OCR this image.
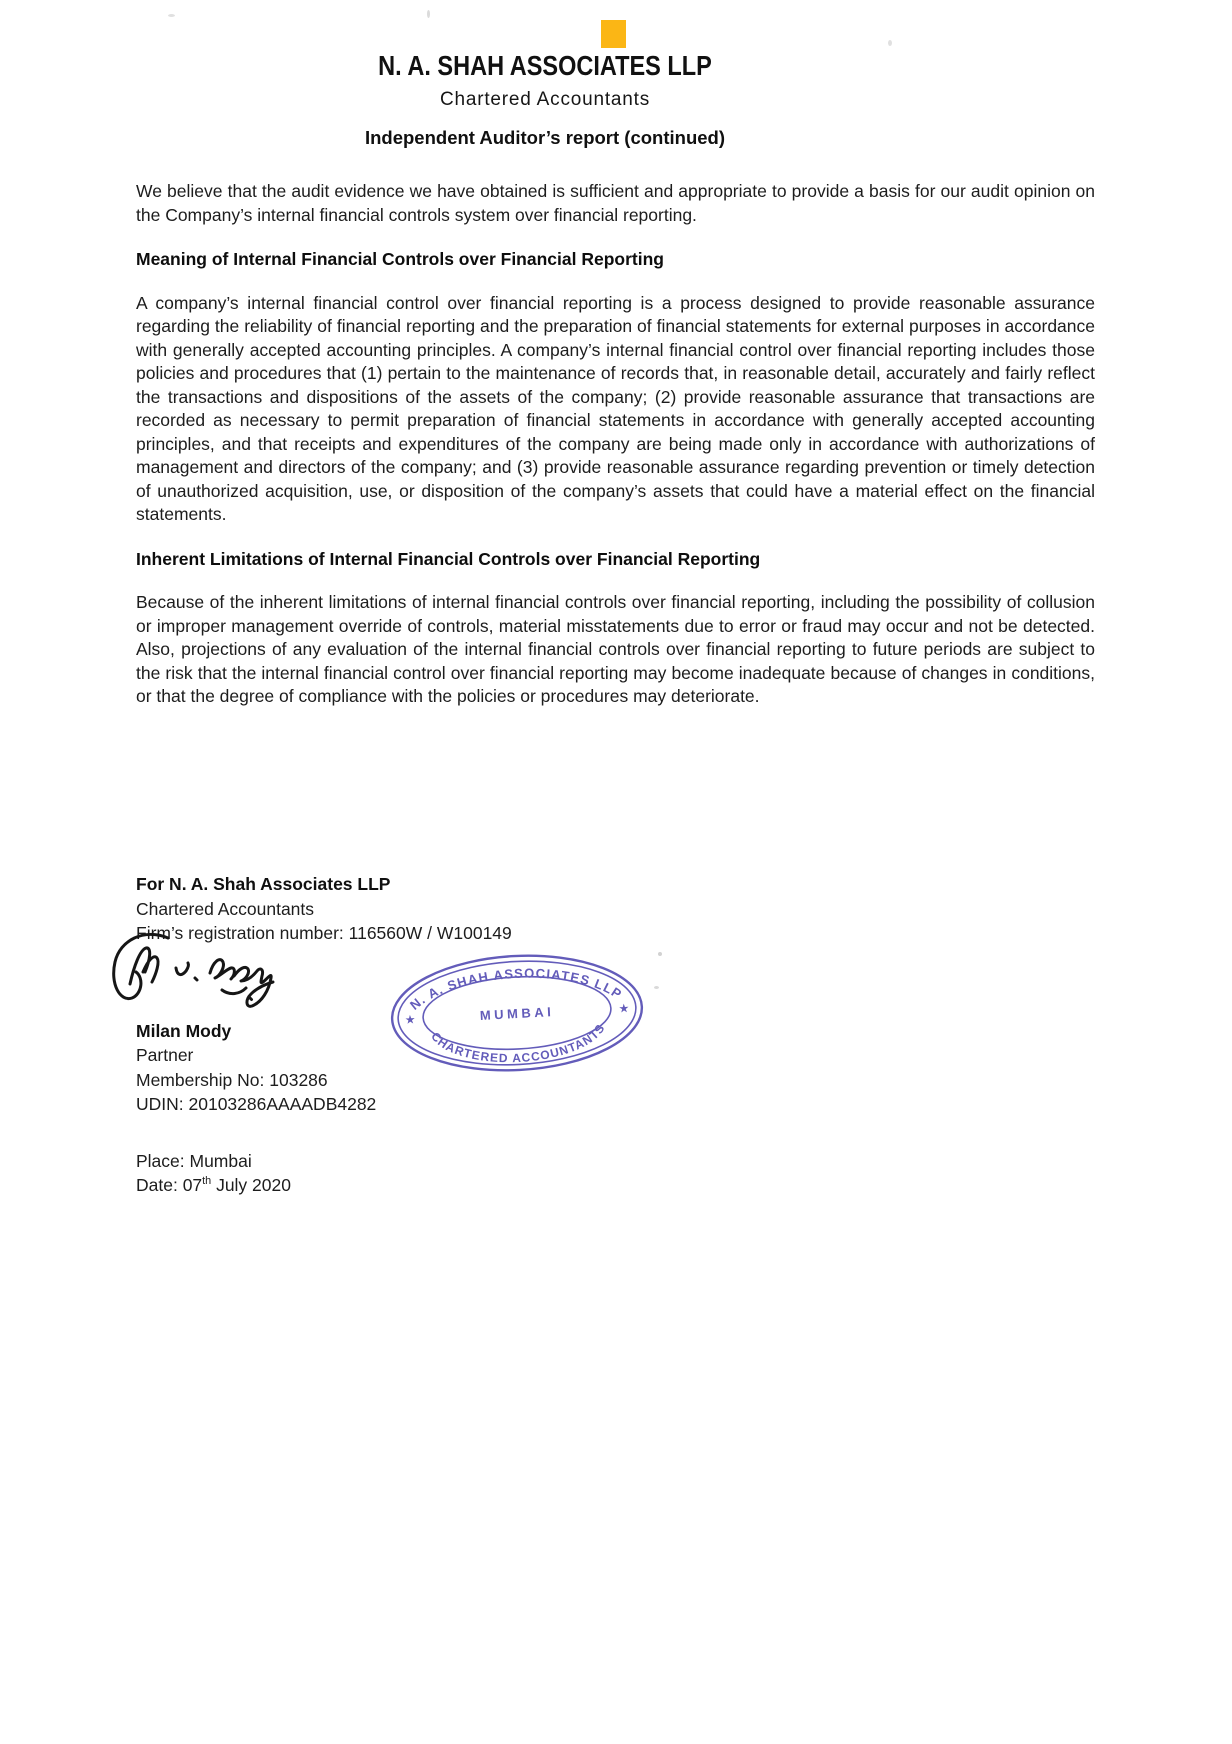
N. A. SHAH ASSOCIATES LLP
Chartered Accountants
Independent Auditor’s report (continued)

We believe that the audit evidence we have obtained is sufficient and appropriate to provide a basis for our audit opinion on the Company’s internal financial controls system over financial reporting.

Meaning of Internal Financial Controls over Financial Reporting

A company’s internal financial control over financial reporting is a process designed to provide reasonable assurance regarding the reliability of financial reporting and the preparation of financial statements for external purposes in accordance with generally accepted accounting principles. A company’s internal financial control over financial reporting includes those policies and procedures that (1) pertain to the maintenance of records that, in reasonable detail, accurately and fairly reflect the transactions and dispositions of the assets of the company; (2) provide reasonable assurance that transactions are recorded as necessary to permit preparation of financial statements in accordance with generally accepted accounting principles, and that receipts and expenditures of the company are being made only in accordance with authorizations of management and directors of the company; and (3) provide reasonable assurance regarding prevention or timely detection of unauthorized acquisition, use, or disposition of the company’s assets that could have a material effect on the financial statements.

Inherent Limitations of Internal Financial Controls over Financial Reporting

Because of the inherent limitations of internal financial controls over financial reporting, including the possibility of collusion or improper management override of controls, material misstatements due to error or fraud may occur and not be detected. Also, projections of any evaluation of the internal financial controls over financial reporting to future periods are subject to the risk that the internal financial control over financial reporting may become inadequate because of changes in conditions, or that the degree of compliance with the policies or procedures may deteriorate.

For N. A. Shah Associates LLP

Chartered Accountants

Firm’s registration number: 116560W / W100149

N. A. SHAH ASSOCIATES LLP
CHARTERED ACCOUNTANTS
MUMBAI
★
★

Milan Mody

Partner

Membership No: 103286

UDIN: 20103286AAAADB4282

Place: Mumbai

Date: 07th July 2020
